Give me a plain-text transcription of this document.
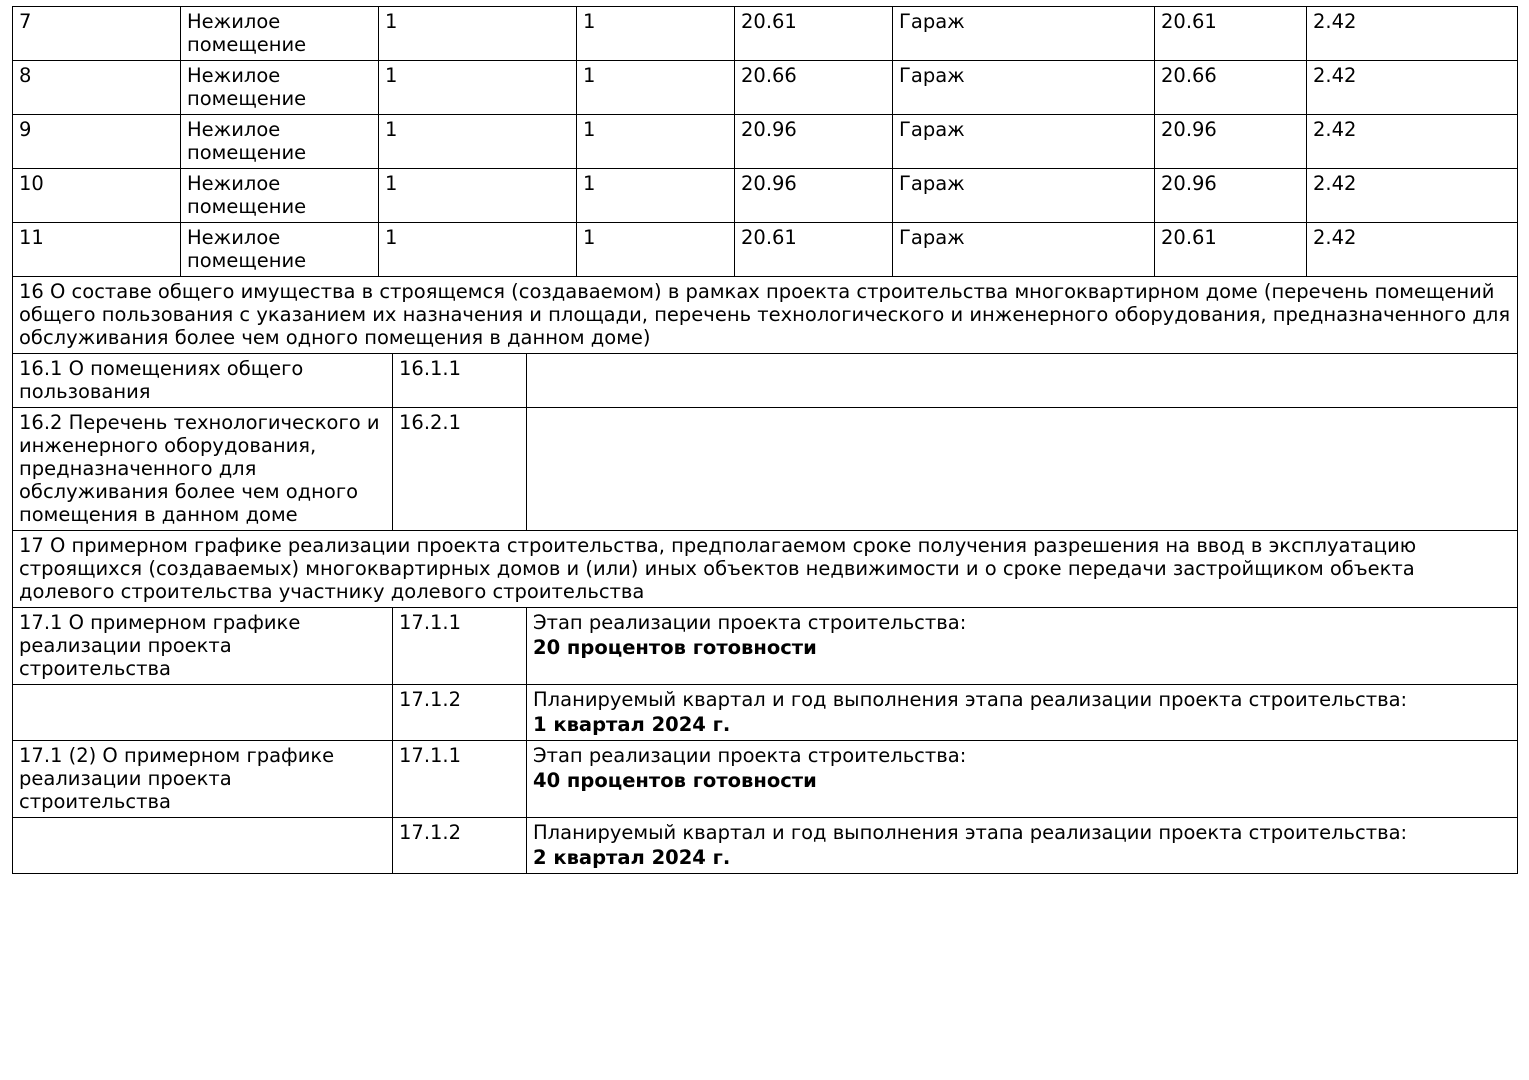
7	Нежилое помещение	1	1	20.61	Гараж	20.61	2.42
8	Нежилое помещение	1	1	20.66	Гараж	20.66	2.42
9	Нежилое помещение	1	1	20.96	Гараж	20.96	2.42
10	Нежилое помещение	1	1	20.96	Гараж	20.96	2.42
11	Нежилое помещение	1	1	20.61	Гараж	20.61	2.42
16 О составе общего имущества в строящемся (создаваемом) в рамках проекта строительства многоквартирном доме (перечень помещений общего пользования с указанием их назначения и площади, перечень технологического и инженерного оборудования, предназначенного для обслуживания более чем одного помещения в данном доме)		
16.1 О помещениях общего пользования	16.1.1	
16.2 Перечень технологического и инженерного оборудования, предназначенного для обслуживания более чем одного помещения в данном доме	16.2.1	
17 О примерном графике реализации проекта строительства, предполагаемом сроке получения разрешения на ввод в эксплуатацию строящихся (создаваемых) многоквартирных домов и (или) иных объектов недвижимости и о сроке передачи застройщиком объекта долевого строительства участнику долевого строительства		
17.1 О примерном графике реализации проекта строительства	17.1.1	Этап реализации проекта строительства:
20 процентов готовности

	17.1.2	Планируемый квартал и год выполнения этапа реализации проекта строительства:
1 квартал 2024 г.

17.1 (2) О примерном графике реализации проекта строительства	17.1.1	Этап реализации проекта строительства:
40 процентов готовности

	17.1.2	Планируемый квартал и год выполнения этапа реализации проекта строительства:
2 квартал 2024 г.
